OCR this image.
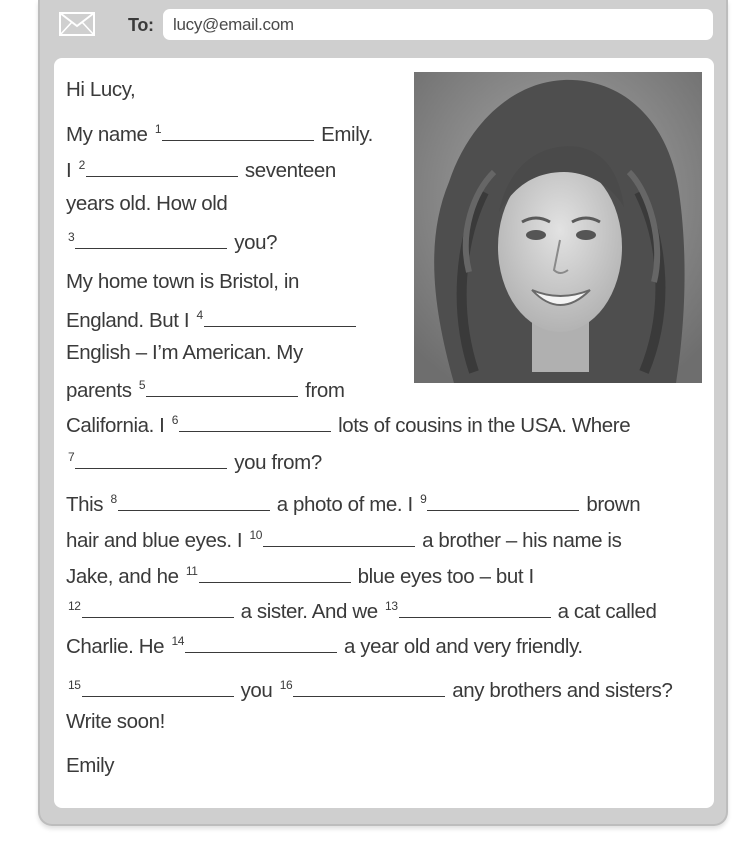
To:	lucy@email.com
Hi Lucy,
My name $^1$	Emily.
I $^2$	seventeen
years old. How old
$^3$	you?
My home town is Bristol, in
England. But I $^4$
English – I’m American. My
parents $^5$	from
California. I $^6$	lots of cousins in the USA. Where
$^7$	you from?
This $^8$	a photo of me. I $^9$	brown
hair and blue eyes. I $^{10}$	a brother – his name is
Jake, and he $^{11}$	blue eyes too – but I
$^{12}$	a sister. And we $^{13}$	a cat called
Charlie. He $^{14}$	a year old and very friendly.
$^{15}$	you $^{16}$	any brothers and sisters?
Write soon!
Emily
